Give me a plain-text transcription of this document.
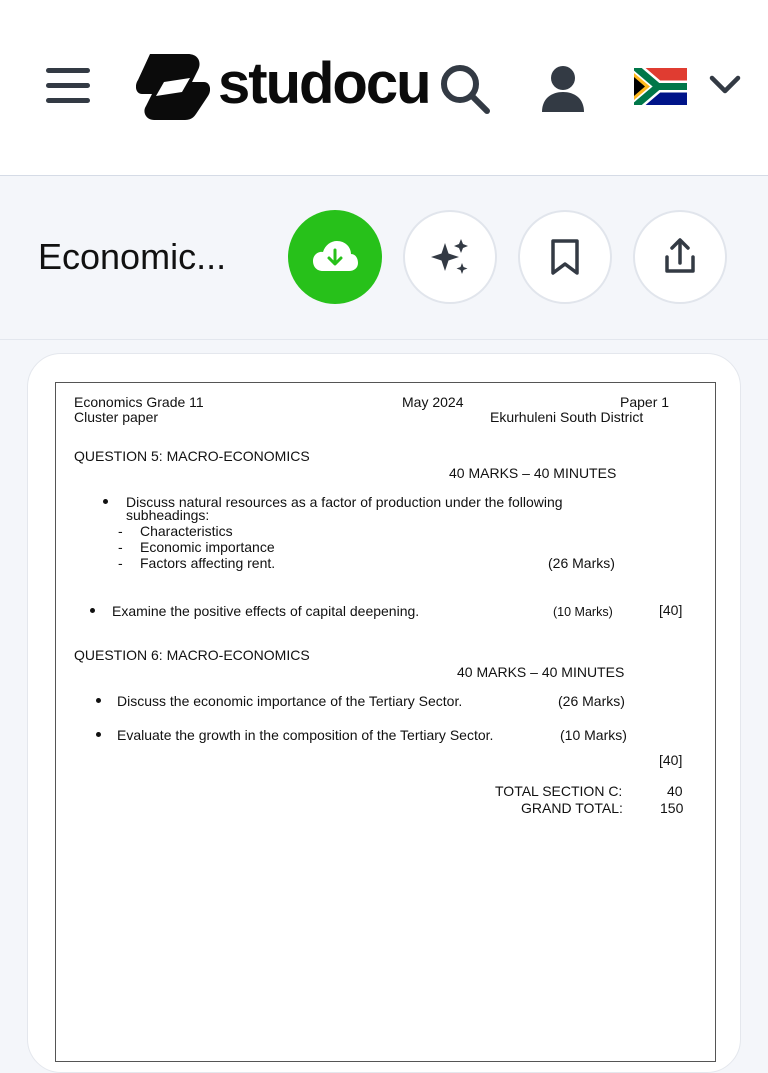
studocu
Economic...
Economics Grade 11	May 2024	Paper 1
Cluster paper	Ekurhuleni South District
QUESTION 5: MACRO-ECONOMICS
40 MARKS – 40 MINUTES
Discuss natural resources as a factor of production under the following
subheadings:
- Characteristics
- Economic importance
- Factors affecting rent.	(26 Marks)
Examine the positive effects of capital deepening.	(10 Marks)	[40]
QUESTION 6: MACRO-ECONOMICS
40 MARKS – 40 MINUTES
Discuss the economic importance of the Tertiary Sector.	(26 Marks)
Evaluate the growth in the composition of the Tertiary Sector.	(10 Marks)
[40]
TOTAL SECTION C:	40
GRAND TOTAL:	150
